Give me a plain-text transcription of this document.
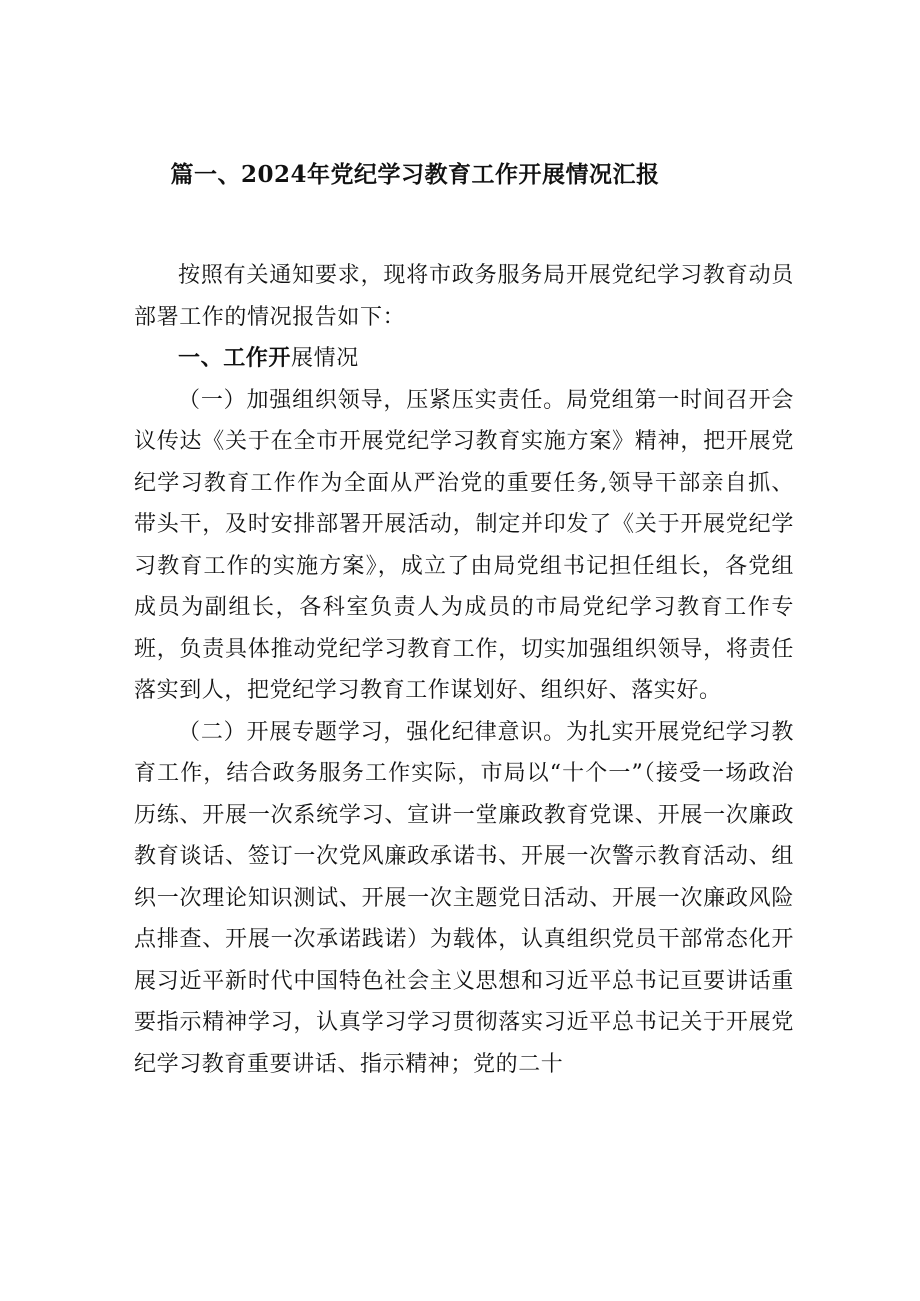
篇一、2024年党纪学习教育工作开展情况汇报

按照有关通知要求，现将市政务服务局开展党纪学习教育动员部署工作的情况报告如下：

一、工作开展情况

（一）加强组织领导，压紧压实责任。局党组第一时间召开会议传达《关于在全市开展党纪学习教育实施方案》精神，把开展党纪学习教育工作作为全面从严治党的重要任务,领导干部亲自抓、带头干，及时安排部署开展活动，制定并印发了《关于开展党纪学习教育工作的实施方案》，成立了由局党组书记担任组长，各党组成员为副组长，各科室负责人为成员的市局党纪学习教育工作专班，负责具体推动党纪学习教育工作，切实加强组织领导，将责任落实到人，把党纪学习教育工作谋划好、组织好、落实好。

（二）开展专题学习，强化纪律意识。为扎实开展党纪学习教育工作，结合政务服务工作实际，市局以“十个一”（接受一场政治历练、开展一次系统学习、宣讲一堂廉政教育党课、开展一次廉政教育谈话、签订一次党风廉政承诺书、开展一次警示教育活动、组织一次理论知识测试、开展一次主题党日活动、开展一次廉政风险点排查、开展一次承诺践诺）为载体，认真组织党员干部常态化开展习近平新时代中国特色社会主义思想和习近平总书记亘要讲话重要指示精神学习，认真学习学习贯彻落实习近平总书记关于开展党纪学习教育重要讲话、指示精神；党的二十
